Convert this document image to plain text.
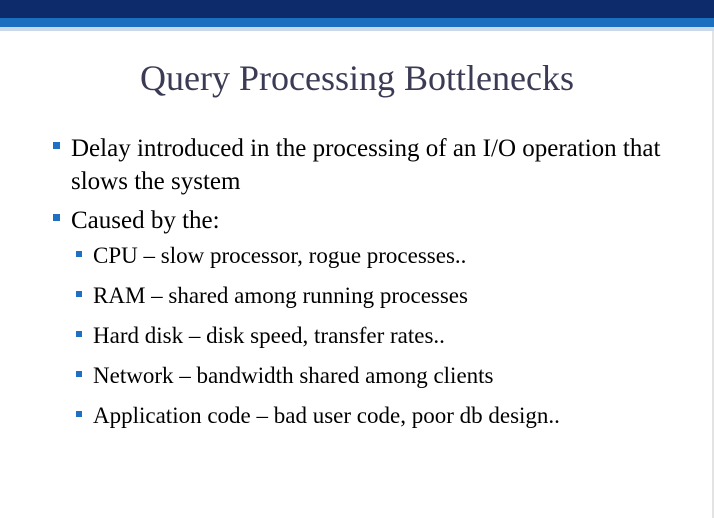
Query Processing Bottlenecks
Delay introduced in the processing of an I/O operation that slows the system
Caused by the:
CPU – slow processor, rogue processes..
RAM – shared among running processes
Hard disk – disk speed, transfer rates..
Network – bandwidth shared among clients
Application code – bad user code, poor db design..
